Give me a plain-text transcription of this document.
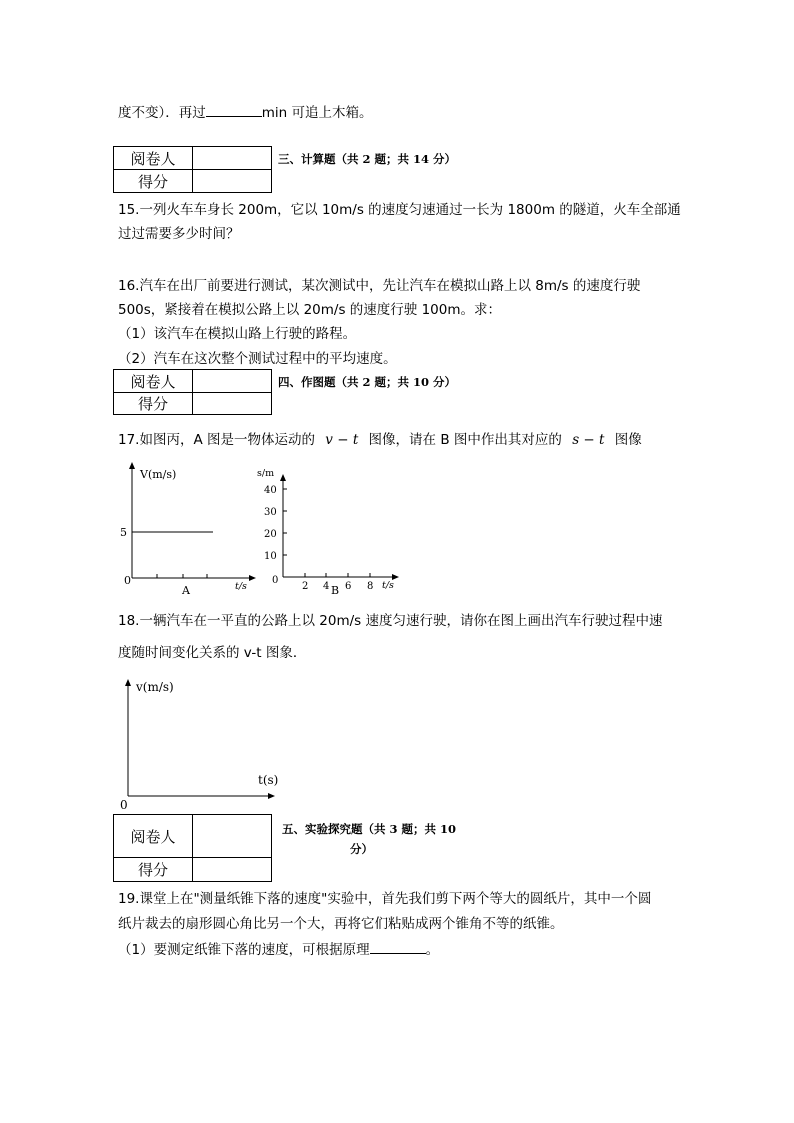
度不变）．再过	min 可追上木箱。
阅卷人	
得分	
三、计算题（共 2 题；共 14 分）
15.一列火车车身长 200m，它以 10m/s 的速度匀速通过一长为 1800m 的隧道，火车全部通
过过需要多少时间？
16.汽车在出厂前要进行测试，某次测试中，先让汽车在模拟山路上以 8m/s 的速度行驶
500s，紧接着在模拟公路上以 20m/s 的速度行驶 100m。求：
（1）该汽车在模拟山路上行驶的路程。
（2）汽车在这次整个测试过程中的平均速度。
阅卷人	
得分	
四、作图题（共 2 题；共 10 分）
17.如图丙，A 图是一物体运动的 v − t 图像，请在 B 图中作出其对应的 s − t 图像
V(m/s)
5
0	t/s
A
s/m
40
30
20
10
0
2 4 6 8 t/s
B
18.一辆汽车在一平直的公路上以 20m/s 速度匀速行驶，请你在图上画出汽车行驶过程中速
度随时间变化关系的 v-t 图象．
v(m/s)
t(s)
0
阅卷人	
得分	
五、实验探究题（共 3 题；共 10
分）
19.课堂上在"测量纸锥下落的速度"实验中，首先我们剪下两个等大的圆纸片，其中一个圆
纸片裁去的扇形圆心角比另一个大，再将它们粘贴成两个锥角不等的纸锥。
（1）要测定纸锥下落的速度，可根据原理	。
